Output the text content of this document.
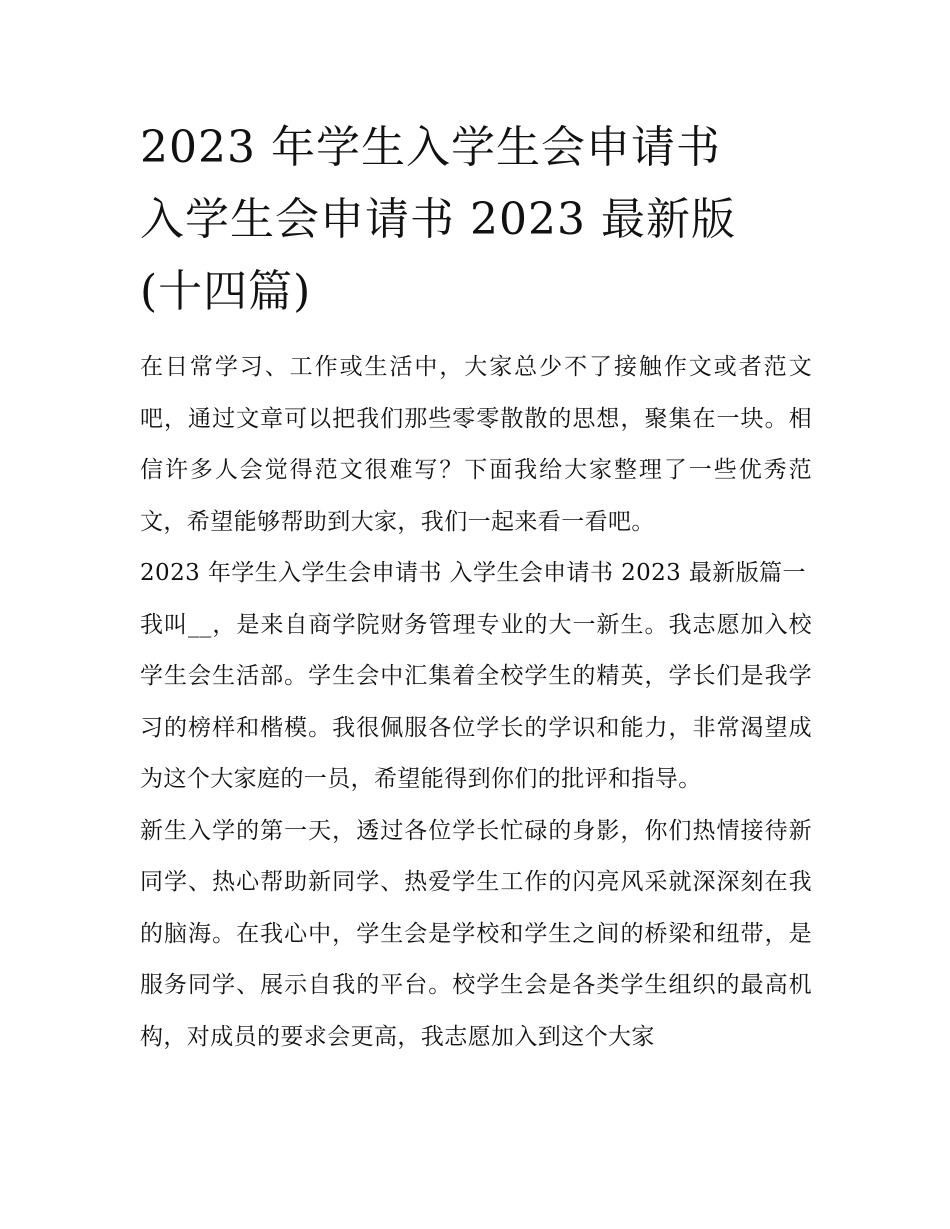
2023 年学生入学生会申请书
入学生会申请书 2023 最新版
(十四篇)

在日常学习、工作或生活中，大家总少不了接触作文或者范文吧，通过文章可以把我们那些零零散散的思想，聚集在一块。相信许多人会觉得范文很难写？下面我给大家整理了一些优秀范文，希望能够帮助到大家，我们一起来看一看吧。

2023 年学生入学生会申请书 入学生会申请书 2023 最新版篇一

我叫__，是来自商学院财务管理专业的大一新生。我志愿加入校学生会生活部。学生会中汇集着全校学生的精英，学长们是我学习的榜样和楷模。我很佩服各位学长的学识和能力，非常渴望成为这个大家庭的一员，希望能得到你们的批评和指导。

新生入学的第一天，透过各位学长忙碌的身影，你们热情接待新同学、热心帮助新同学、热爱学生工作的闪亮风采就深深刻在我的脑海。在我心中，学生会是学校和学生之间的桥梁和纽带，是服务同学、展示自我的平台。校学生会是各类学生组织的最高机构，对成员的要求会更高，我志愿加入到这个大家
